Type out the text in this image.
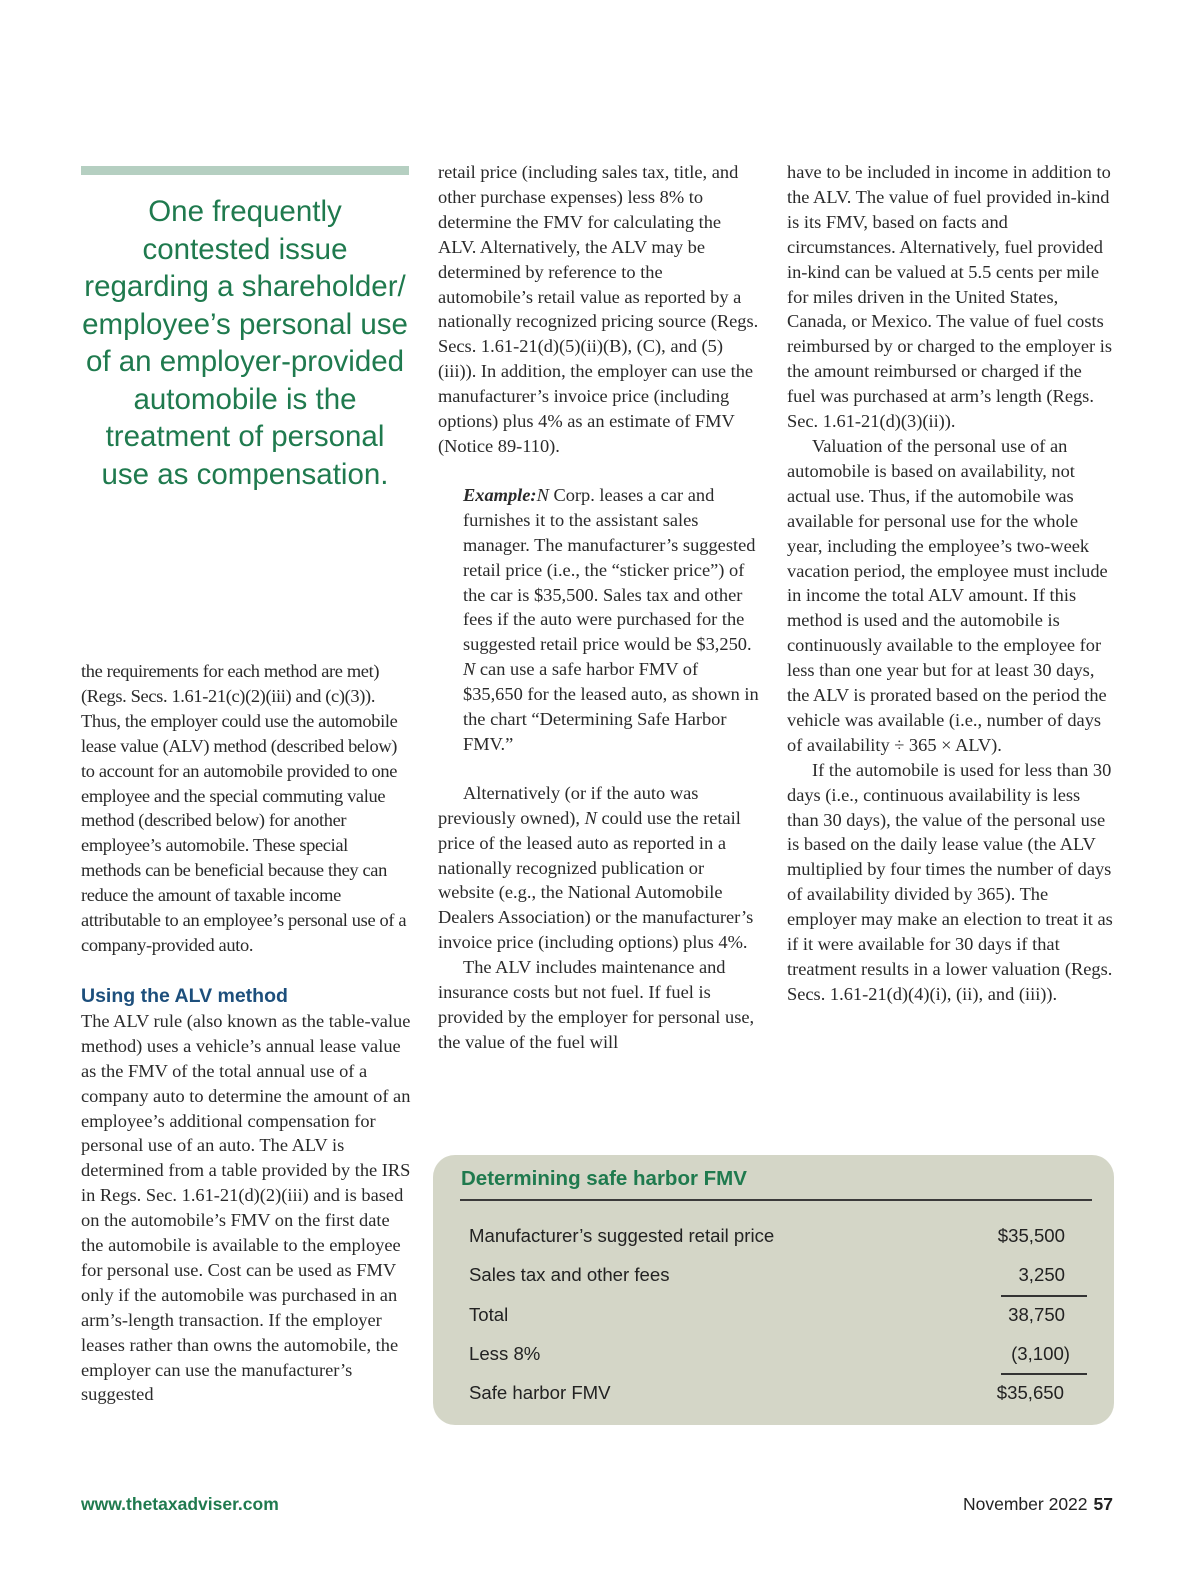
One frequently contested issue regarding a shareholder/ employee’s personal use of an employer-provided automobile is the treatment of personal use as compensation.

the requirements for each method are met) (Regs. Secs. 1.61-21(c)(2)(iii) and (c)(3)). Thus, the employer could use the automobile lease value (ALV) method (described below) to account for an automobile provided to one employee and the special commuting value method (described below) for another employee’s automobile. These special methods can be beneficial because they can reduce the amount of taxable income attributable to an employee’s personal use of a company-provided auto.

Using the ALV method

The ALV rule (also known as the table-value method) uses a vehicle’s annual lease value as the FMV of the total annual use of a company auto to determine the amount of an employee’s additional compensation for personal use of an auto. The ALV is determined from a table provided by the IRS in Regs. Sec. 1.61-21(d)(2)(iii) and is based on the automobile’s FMV on the first date the automobile is available to the employee for personal use. Cost can be used as FMV only if the automobile was purchased in an arm’s-length transaction. If the employer leases rather than owns the automobile, the employer can use the manufacturer’s suggested

retail price (including sales tax, title, and other purchase expenses) less 8% to determine the FMV for calculating the ALV. Alternatively, the ALV may be determined by reference to the automobile’s retail value as reported by a nationally recognized pricing source (Regs. Secs. 1.61-21(d)(5)(ii)(B), (C), and (5)(iii)). In addition, the employer can use the manufacturer’s invoice price (including options) plus 4% as an estimate of FMV (Notice 89-110).

Example:N Corp. leases a car and furnishes it to the assistant sales manager. The manufacturer’s suggested retail price (i.e., the “sticker price”) of the car is $35,500. Sales tax and other fees if the auto were purchased for the suggested retail price would be $3,250. N can use a safe harbor FMV of $35,650 for the leased auto, as shown in the chart “Determining Safe Harbor FMV.”

Alternatively (or if the auto was previously owned), N could use the retail price of the leased auto as reported in a nationally recognized publication or website (e.g., the National Automobile Dealers Association) or the manufacturer’s invoice price (including options) plus 4%.

The ALV includes maintenance and insurance costs but not fuel. If fuel is provided by the employer for personal use, the value of the fuel will

have to be included in income in addition to the ALV. The value of fuel provided in-kind is its FMV, based on facts and circumstances. Alternatively, fuel provided in-kind can be valued at 5.5 cents per mile for miles driven in the United States, Canada, or Mexico. The value of fuel costs reimbursed by or charged to the employer is the amount reimbursed or charged if the fuel was purchased at arm’s length (Regs. Sec. 1.61-21(d)(3)(ii)).

Valuation of the personal use of an automobile is based on availability, not actual use. Thus, if the automobile was available for personal use for the whole year, including the employee’s two-week vacation period, the employee must include in income the total ALV amount. If this method is used and the automobile is continuously available to the employee for less than one year but for at least 30 days, the ALV is prorated based on the period the vehicle was available (i.e., number of days of availability ÷ 365 × ALV).

If the automobile is used for less than 30 days (i.e., continuous availability is less than 30 days), the value of the personal use is based on the daily lease value (the ALV multiplied by four times the number of days of availability divided by 365). The employer may make an election to treat it as if it were available for 30 days if that treatment results in a lower valuation (Regs. Secs. 1.61-21(d)(4)(i), (ii), and (iii)).

Determining safe harbor FMV
Manufacturer’s suggested retail price	$35,500
Sales tax and other fees	3,250
Total	38,750
Less 8%	(3,100)
Safe harbor FMV	$35,650
www.thetaxadviser.com	November 2022 57
